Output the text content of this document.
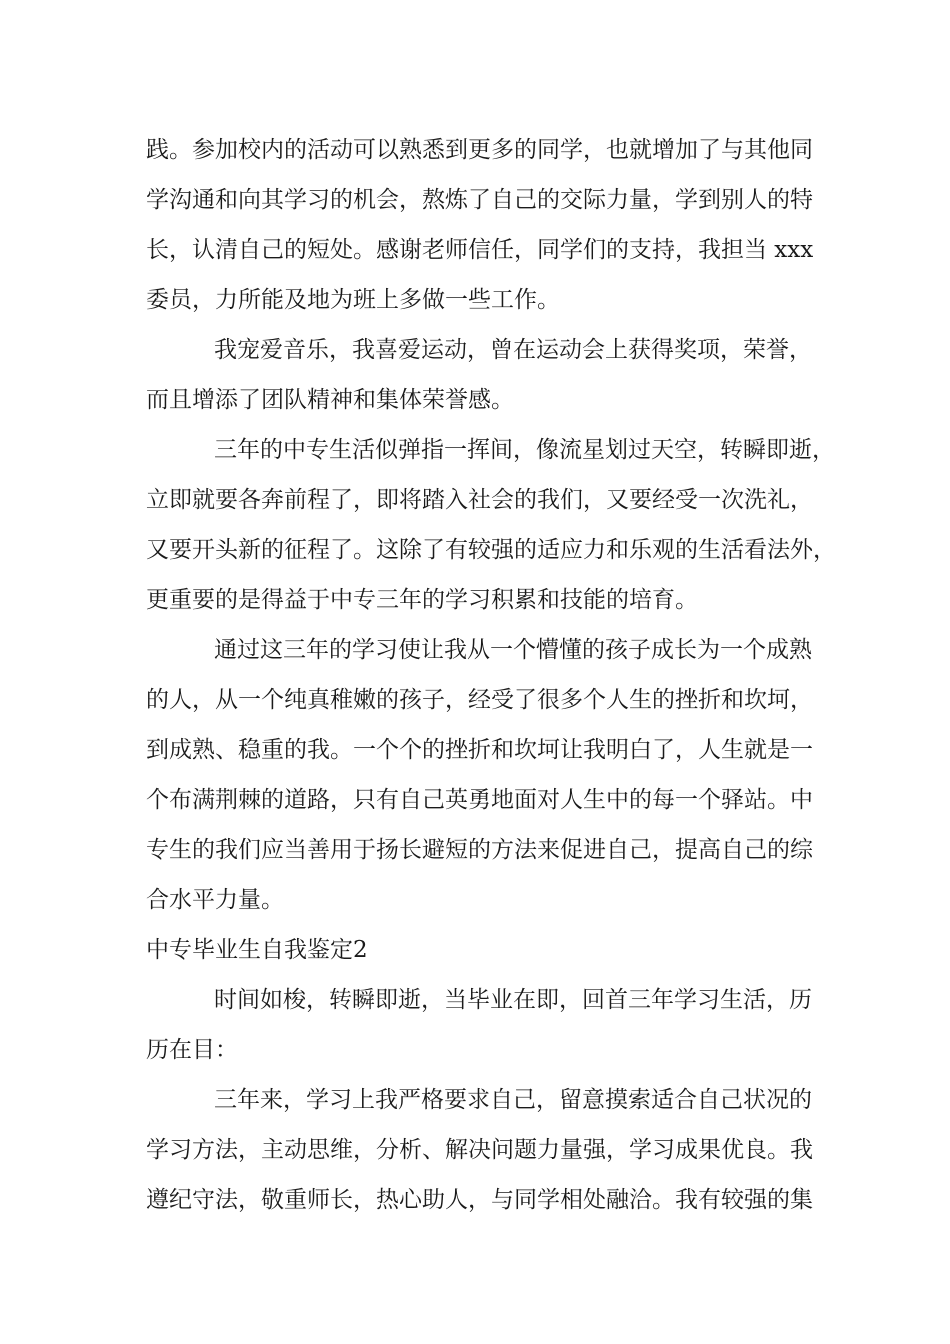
践。参加校内的活动可以熟悉到更多的同学，也就增加了与其他同

学沟通和向其学习的机会，熬炼了自己的交际力量，学到别人的特

长，认清自己的短处。感谢老师信任，同学们的支持，我担当 xxx

委员，力所能及地为班上多做一些工作。

我宠爱音乐，我喜爱运动，曾在运动会上获得奖项，荣誉，

而且增添了团队精神和集体荣誉感。

三年的中专生活似弹指一挥间，像流星划过天空，转瞬即逝，

立即就要各奔前程了，即将踏入社会的我们，又要经受一次洗礼，

又要开头新的征程了。这除了有较强的适应力和乐观的生活看法外，

更重要的是得益于中专三年的学习积累和技能的培育。

通过这三年的学习使让我从一个懵懂的孩子成长为一个成熟

的人，从一个纯真稚嫩的孩子，经受了很多个人生的挫折和坎坷，

到成熟、稳重的我。一个个的挫折和坎坷让我明白了，人生就是一

个布满荆棘的道路，只有自己英勇地面对人生中的每一个驿站。中

专生的我们应当善用于扬长避短的方法来促进自己，提高自己的综

合水平力量。

中专毕业生自我鉴定2

时间如梭，转瞬即逝，当毕业在即，回首三年学习生活，历

历在目：

三年来，学习上我严格要求自己，留意摸索适合自己状况的

学习方法，主动思维，分析、解决问题力量强，学习成果优良。我

遵纪守法，敬重师长，热心助人，与同学相处融洽。我有较强的集
